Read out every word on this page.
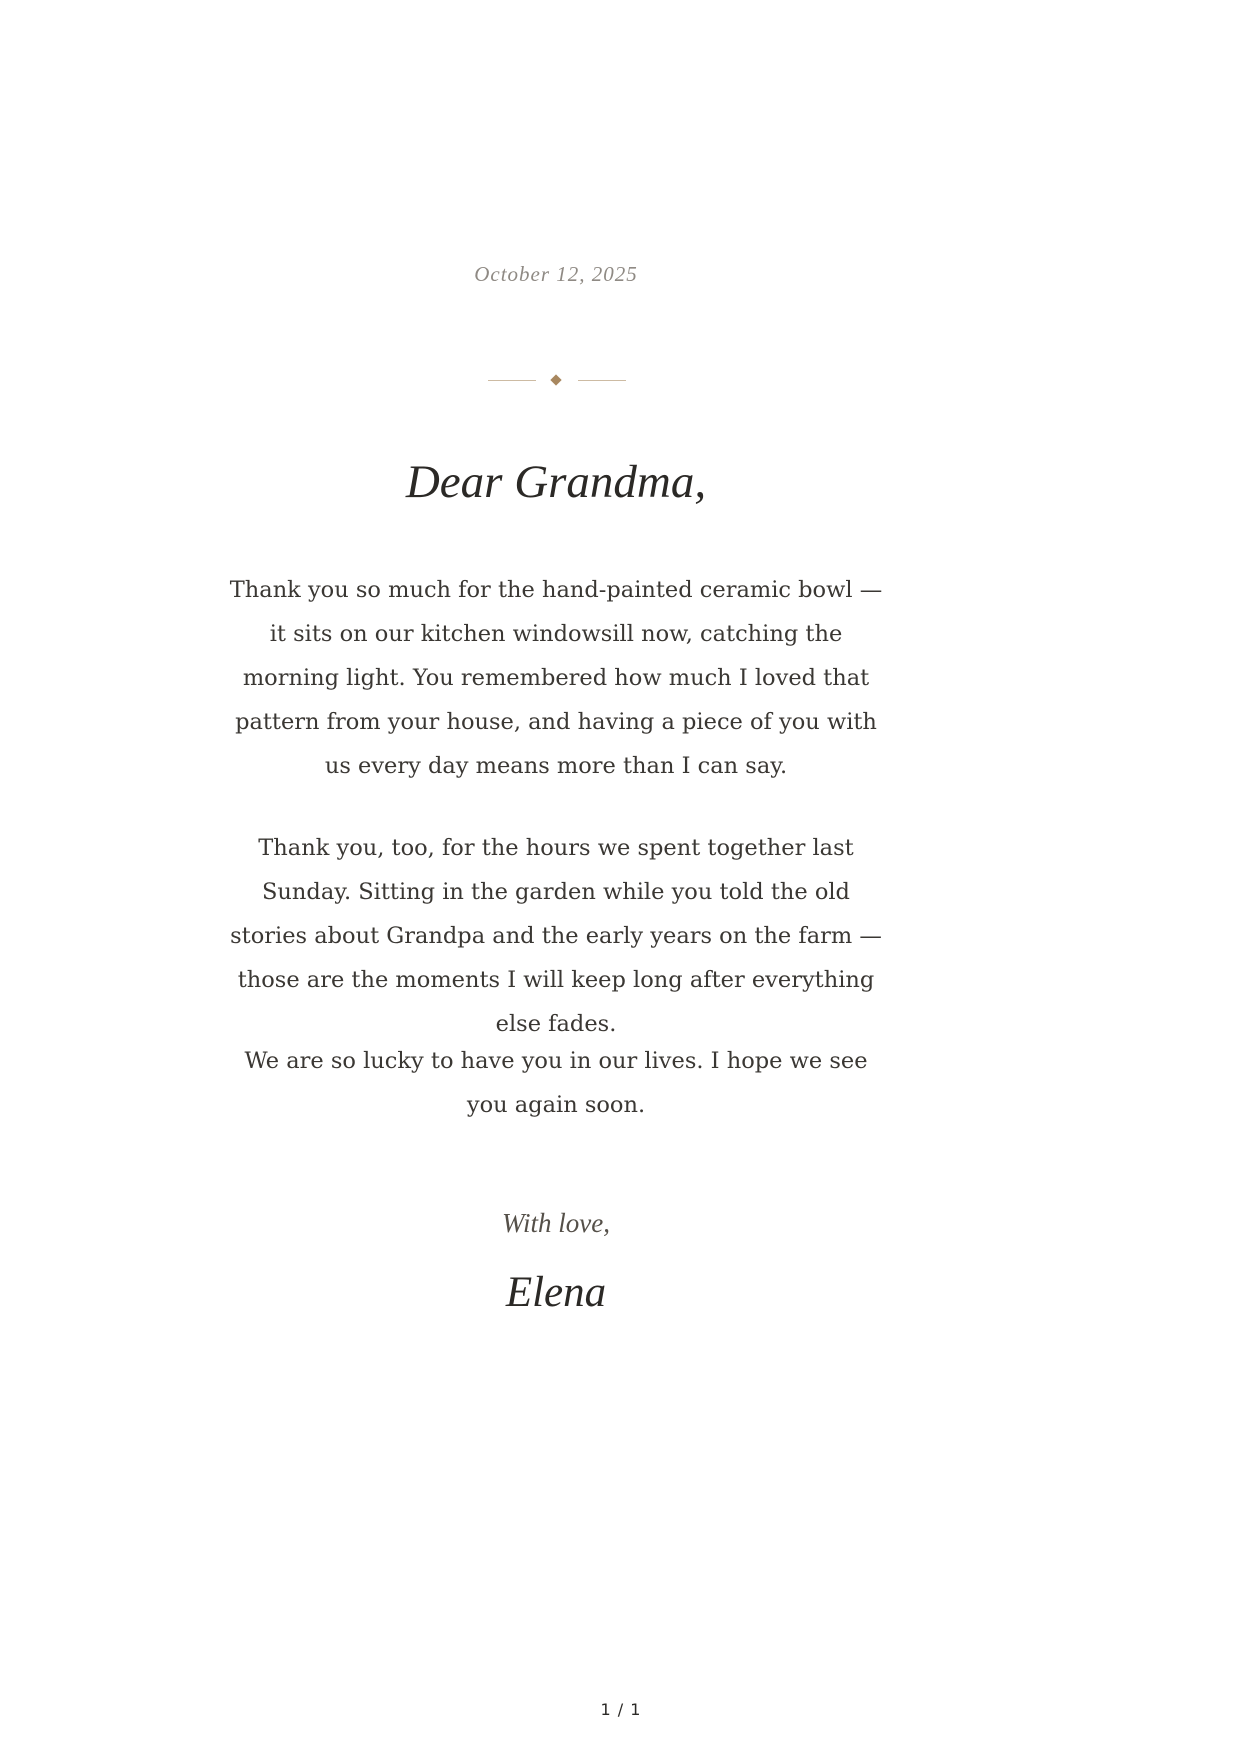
October 12, 2025
Dear Grandma,

Thank you so much for the hand-painted ceramic bowl — it sits on our kitchen windowsill now, catching the morning light. You remembered how much I loved that pattern from your house, and having a piece of you with us every day means more than I can say.

Thank you, too, for the hours we spent together last Sunday. Sitting in the garden while you told the old stories about Grandpa and the early years on the farm — those are the moments I will keep long after everything else fades.

We are so lucky to have you in our lives. I hope we see you again soon.

With love,
Elena
1 / 1
